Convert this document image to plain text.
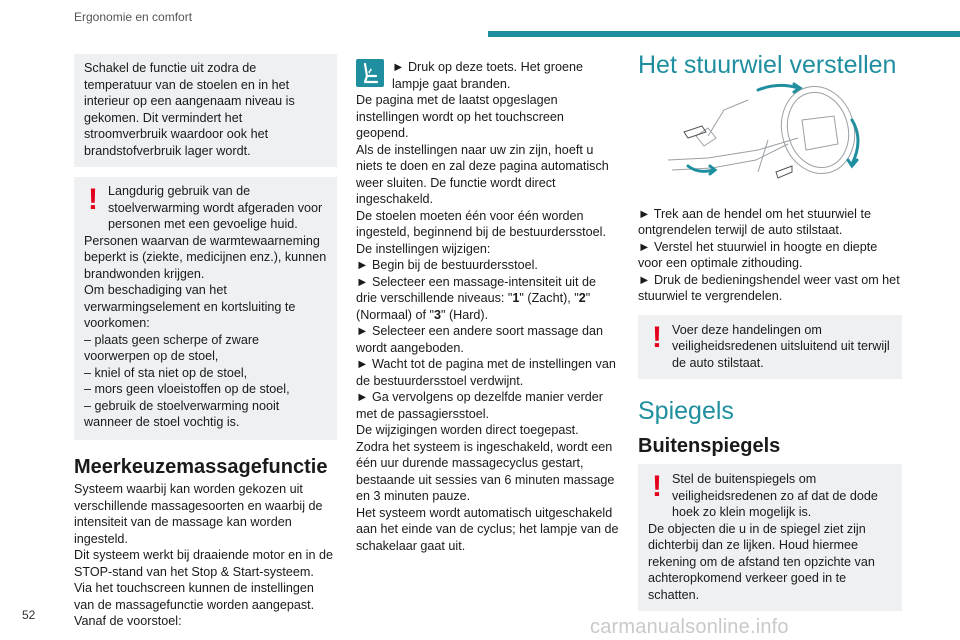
Ergonomie en comfort

Schakel de functie uit zodra de temperatuur van de stoelen en in het interieur op een aangenaam niveau is gekomen. Dit vermindert het stroomverbruik waardoor ook het brandstofverbruik lager wordt.

! Langdurig gebruik van de stoelverwarming wordt afgeraden voor personen met een gevoelige huid.

Personen waarvan de warmtewaarneming beperkt is (ziekte, medicijnen enz.), kunnen brandwonden krijgen.

Om beschadiging van het verwarmingselement en kortsluiting te voorkomen:

– plaats geen scherpe of zware voorwerpen op de stoel,

– kniel of sta niet op de stoel,

– mors geen vloeistoffen op de stoel,

– gebruik de stoelverwarming nooit wanneer de stoel vochtig is.

Meerkeuzemassagefunctie

Systeem waarbij kan worden gekozen uit verschillende massagesoorten en waarbij de intensiteit van de massage kan worden ingesteld.

Dit systeem werkt bij draaiende motor en in de STOP-stand van het Stop & Start-systeem.

Via het touchscreen kunnen de instellingen van de massagefunctie worden aangepast.

Vanaf de voorstoel:

► Druk op deze toets. Het groene lampje gaat branden.

De pagina met de laatst opgeslagen instellingen wordt op het touchscreen geopend.

Als de instellingen naar uw zin zijn, hoeft u niets te doen en zal deze pagina automatisch weer sluiten. De functie wordt direct ingeschakeld.

De stoelen moeten één voor één worden ingesteld, beginnend bij de bestuurdersstoel.

De instellingen wijzigen:

► Begin bij de bestuurdersstoel.

► Selecteer een massage-intensiteit uit de drie verschillende niveaus: "1" (Zacht), "2" (Normaal) of "3" (Hard).

► Selecteer een andere soort massage dan wordt aangeboden.

► Wacht tot de pagina met de instellingen van de bestuurdersstoel verdwijnt.

► Ga vervolgens op dezelfde manier verder met de passagiersstoel.

De wijzigingen worden direct toegepast.

Zodra het systeem is ingeschakeld, wordt een één uur durende massagecyclus gestart, bestaande uit sessies van 6 minuten massage en 3 minuten pauze.

Het systeem wordt automatisch uitgeschakeld aan het einde van de cyclus; het lampje van de schakelaar gaat uit.

Het stuurwiel verstellen

► Trek aan de hendel om het stuurwiel te ontgrendelen terwijl de auto stilstaat.

► Verstel het stuurwiel in hoogte en diepte voor een optimale zithouding.

► Druk de bedieningshendel weer vast om het stuurwiel te vergrendelen.

! Voer deze handelingen om veiligheidsredenen uitsluitend uit terwijl de auto stilstaat.

Spiegels
Buitenspiegels
! Stel de buitenspiegels om veiligheidsredenen zo af dat de dode hoek zo klein mogelijk is.

De objecten die u in de spiegel ziet zijn dichterbij dan ze lijken. Houd hiermee rekening om de afstand ten opzichte van achteropkomend verkeer goed in te schatten.

52
carmanualsonline.info
